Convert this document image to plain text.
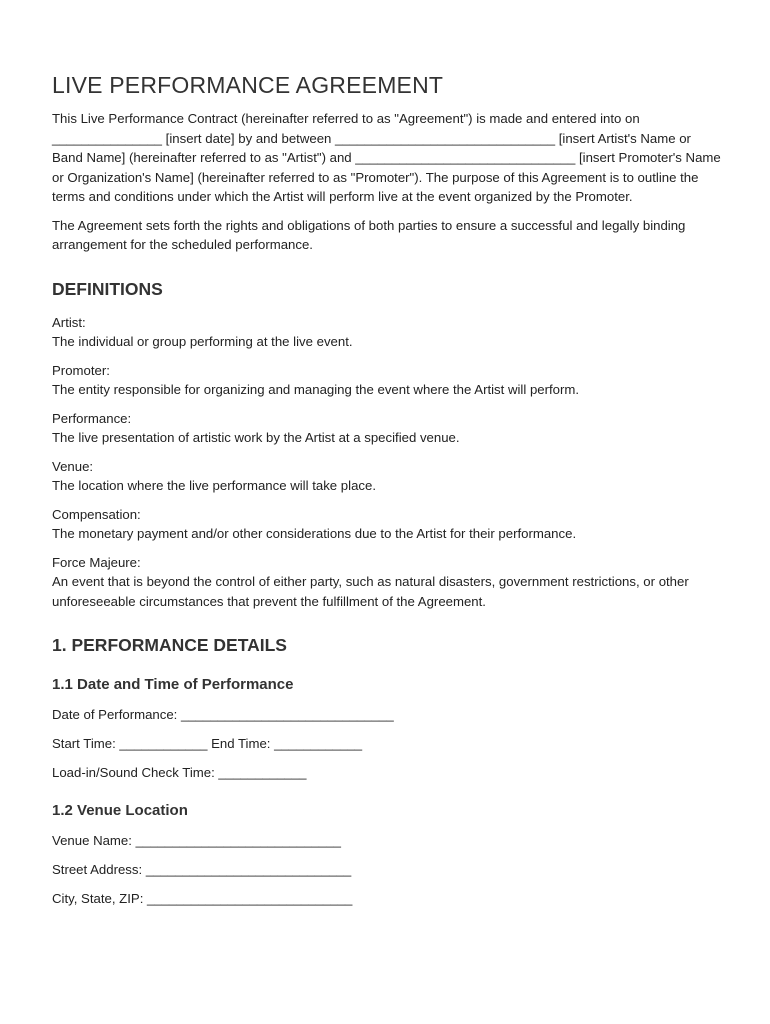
LIVE PERFORMANCE AGREEMENT

This Live Performance Contract (hereinafter referred to as "Agreement") is made and entered into on _______________ [insert date] by and between ______________________________ [insert Artist's Name or Band Name] (hereinafter referred to as "Artist") and ______________________________ [insert Promoter's Name or Organization's Name] (hereinafter referred to as "Promoter"). The purpose of this Agreement is to outline the terms and conditions under which the Artist will perform live at the event organized by the Promoter.

The Agreement sets forth the rights and obligations of both parties to ensure a successful and legally binding arrangement for the scheduled performance.

DEFINITIONS
Artist:
The individual or group performing at the live event.
Promoter:
The entity responsible for organizing and managing the event where the Artist will perform.
Performance:
The live presentation of artistic work by the Artist at a specified venue.
Venue:
The location where the live performance will take place.
Compensation:
The monetary payment and/or other considerations due to the Artist for their performance.
Force Majeure:
An event that is beyond the control of either party, such as natural disasters, government restrictions, or other unforeseeable circumstances that prevent the fulfillment of the Agreement.
1. PERFORMANCE DETAILS
1.1 Date and Time of Performance
Date of Performance: _____________________________
Start Time: ____________ End Time: ____________
Load-in/Sound Check Time: ____________
1.2 Venue Location
Venue Name: ____________________________
Street Address: ____________________________
City, State, ZIP: ____________________________
